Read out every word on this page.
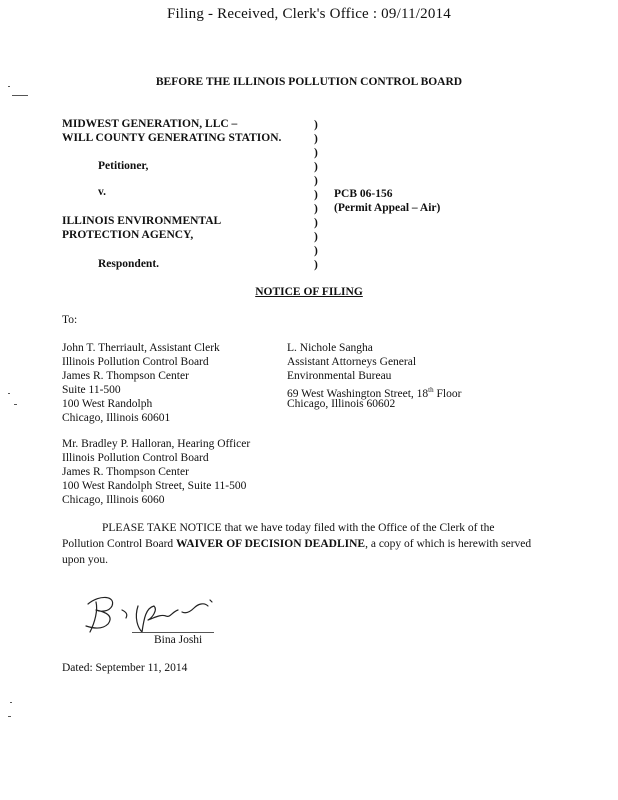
Filing - Received, Clerk's Office : 09/11/2014
BEFORE THE ILLINOIS POLLUTION CONTROL BOARD
MIDWEST GENERATION, LLC –
WILL COUNTY GENERATING STATION.
Petitioner,
v.
ILLINOIS ENVIRONMENTAL
PROTECTION AGENCY,
Respondent.
)
)
)
)
)
)
)
)
)
)
)
PCB 06-156
(Permit Appeal – Air)
NOTICE OF FILING
To:
John T. Therriault, Assistant Clerk
Illinois Pollution Control Board
James R. Thompson Center
Suite 11-500
100 West Randolph
Chicago, Illinois 60601
L. Nichole Sangha
Assistant Attorneys General
Environmental Bureau
69 West Washington Street, 18th Floor
Chicago, Illinois 60602
Mr. Bradley P. Halloran, Hearing Officer
Illinois Pollution Control Board
James R. Thompson Center
100 West Randolph Street, Suite 11-500
Chicago, Illinois 6060
PLEASE TAKE NOTICE that we have today filed with the Office of the Clerk of the Pollution Control Board WAIVER OF DECISION DEADLINE, a copy of which is herewith served upon you.
Bina Joshi
Dated: September 11, 2014
